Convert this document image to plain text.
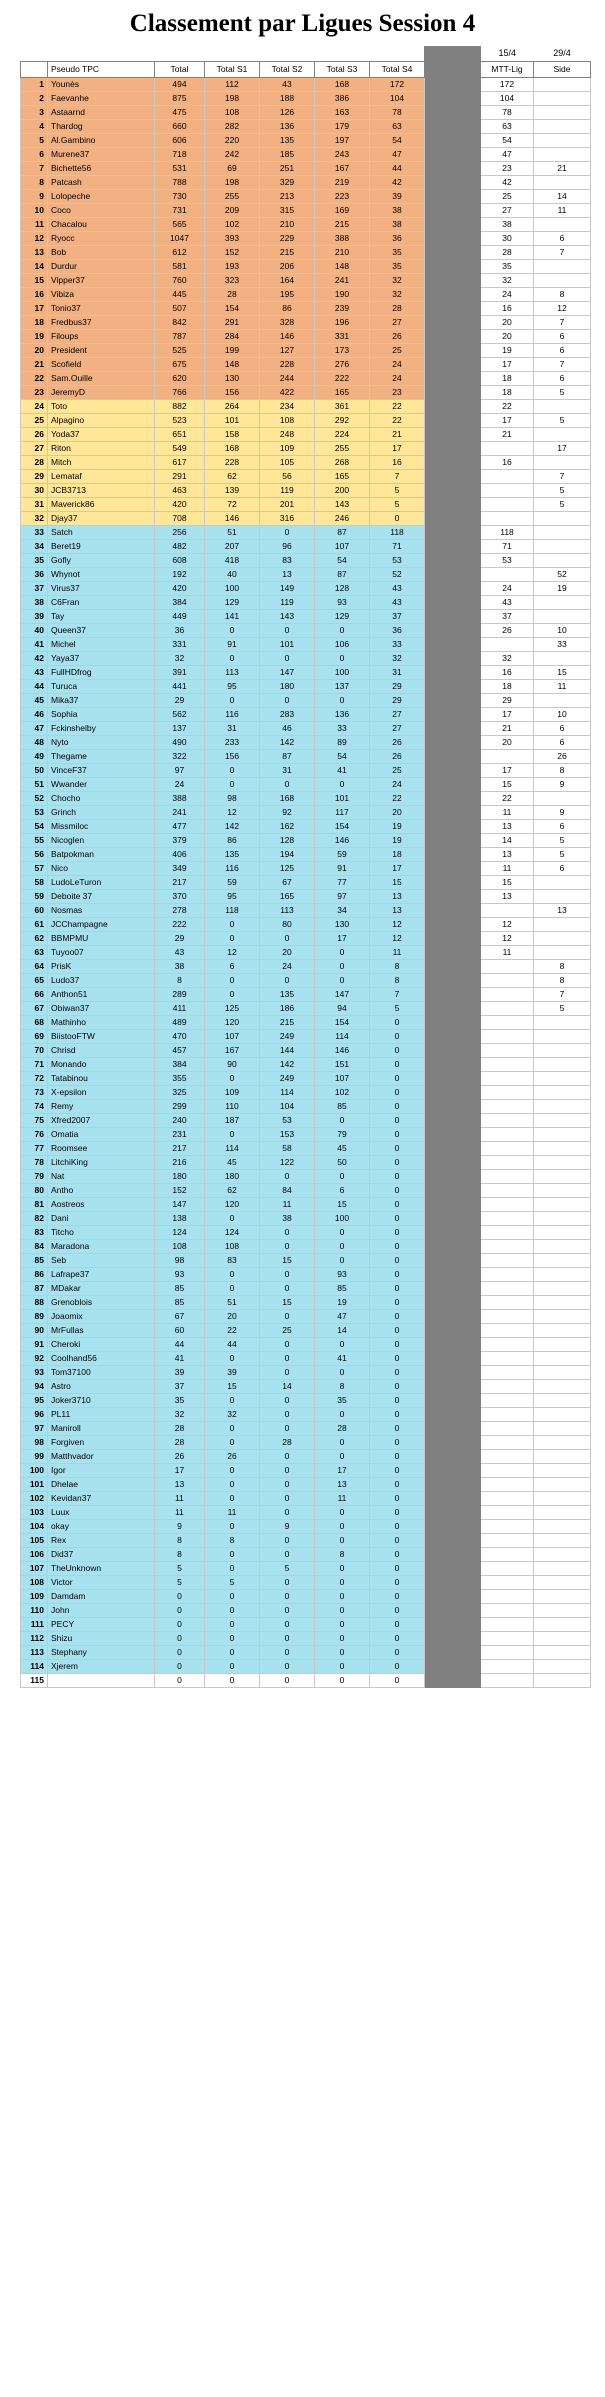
Classement par Ligues Session 4
								15/4	29/4
	Pseudo TPC	Total	Total S1	Total S2	Total S3	Total S4		MTT-Lig	Side
1	Younès	494	112	43	168	172		172	
2	Faevanhe	875	198	188	386	104		104	
3	Astaarnd	475	108	126	163	78		78	
4	Thardog	660	282	136	179	63		63	
5	Al.Gambino	606	220	135	197	54		54	
6	Murene37	718	242	185	243	47		47	
7	Bichette56	531	69	251	167	44		23	21
8	Patcash	788	198	329	219	42		42	
9	Lolopeche	730	255	213	223	39		25	14
10	Coco	731	209	315	169	38		27	11
11	Chacalou	565	102	210	215	38		38	
12	Ryocc	1047	393	229	388	36		30	6
13	Bob	612	152	215	210	35		28	7
14	Durdur	581	193	206	148	35		35	
15	Vipper37	760	323	164	241	32		32	
16	Vibiza	445	28	195	190	32		24	8
17	Tonio37	507	154	86	239	28		16	12
18	Fredbus37	842	291	328	196	27		20	7
19	Filoups	787	284	146	331	26		20	6
20	President	525	199	127	173	25		19	6
21	Scofield	675	148	228	276	24		17	7
22	Sam.Ouille	620	130	244	222	24		18	6
23	JeremyD	766	156	422	165	23		18	5
24	Toto	882	264	234	361	22		22	
25	Alpagino	523	101	108	292	22		17	5
26	Yoda37	651	158	248	224	21		21	
27	Riton	549	168	109	255	17			17
28	Mitch	617	228	105	268	16		16	
29	Lemataf	291	62	56	165	7			7
30	JCB3713	463	139	119	200	5			5
31	Maverick86	420	72	201	143	5			5
32	Djay37	708	146	316	246	0			
33	Satch	256	51	0	87	118		118	
34	Beret19	482	207	96	107	71		71	
35	Gofly	608	418	83	54	53		53	
36	Whynot	192	40	13	87	52			52
37	Virus37	420	100	149	128	43		24	19
38	C6Fran	384	129	119	93	43		43	
39	Tay	449	141	143	129	37		37	
40	Queen37	36	0	0	0	36		26	10
41	Michel	331	91	101	106	33			33
42	Yaya37	32	0	0	0	32		32	
43	FullHDfrog	391	113	147	100	31		16	15
44	Turuca	441	95	180	137	29		18	11
45	Mika37	29	0	0	0	29		29	
46	Sophia	562	116	283	136	27		17	10
47	Fckinshelby	137	31	46	33	27		21	6
48	Nyto	490	233	142	89	26		20	6
49	Thegame	322	156	87	54	26			26
50	VinceF37	97	0	31	41	25		17	8
51	Wwander	24	0	0	0	24		15	9
52	Chocho	388	98	168	101	22		22	
53	Grinch	241	12	92	117	20		11	9
54	Missmiloc	477	142	162	154	19		13	6
55	Nicoglen	379	86	128	146	19		14	5
56	Batpokman	406	135	194	59	18		13	5
57	Nico	349	116	125	91	17		11	6
58	LudoLeTuron	217	59	67	77	15		15	
59	Deboite 37	370	95	165	97	13		13	
60	Nosmas	278	118	113	34	13			13
61	JCChampagne	222	0	80	130	12		12	
62	BBMPMU	29	0	0	17	12		12	
63	Tuyoo07	43	12	20	0	11		11	
64	PrisK	38	6	24	0	8			8
65	Ludo37	8	0	0	0	8			8
66	Anthon51	289	0	135	147	7			7
67	Obiwan37	411	125	186	94	5			5
68	Mathinho	489	120	215	154	0			
69	BiistooFTW	470	107	249	114	0			
70	Chrisd	457	167	144	146	0			
71	Monando	384	90	142	151	0			
72	Tatabinou	355	0	249	107	0			
73	X-epsilon	325	109	114	102	0			
74	Remy	299	110	104	85	0			
75	Xfred2007	240	187	53	0	0			
76	Omatia	231	0	153	79	0			
77	Roomsee	217	114	58	45	0			
78	LitchiKing	216	45	122	50	0			
79	Nat	180	180	0	0	0			
80	Antho	152	62	84	6	0			
81	Aostreos	147	120	11	15	0			
82	Dani	138	0	38	100	0			
83	Titcho	124	124	0	0	0			
84	Maradona	108	108	0	0	0			
85	Seb	98	83	15	0	0			
86	Lafrape37	93	0	0	93	0			
87	MDakar	85	0	0	85	0			
88	Grenoblois	85	51	15	19	0			
89	Joaomix	67	20	0	47	0			
90	MrFullas	60	22	25	14	0			
91	Cheroki	44	44	0	0	0			
92	Coolhand56	41	0	0	41	0			
93	Tom37100	39	39	0	0	0			
94	Astro	37	15	14	8	0			
95	Joker3710	35	0	0	35	0			
96	PL11	32	32	0	0	0			
97	Maniroll	28	0	0	28	0			
98	Forgiven	28	0	28	0	0			
99	Matthvador	26	26	0	0	0			
100	Igor	17	0	0	17	0			
101	Dhelae	13	0	0	13	0			
102	Kevidan37	11	0	0	11	0			
103	Luux	11	11	0	0	0			
104	okay	9	0	9	0	0			
105	Rex	8	8	0	0	0			
106	Did37	8	0	0	8	0			
107	TheUnknown	5	0	5	0	0			
108	Victor	5	5	0	0	0			
109	Damdam	0	0	0	0	0			
110	John	0	0	0	0	0			
111	PECY	0	0	0	0	0			
112	Shizu	0	0	0	0	0			
113	Stephany	0	0	0	0	0			
114	Xjerem	0	0	0	0	0			
115		0	0	0	0	0			
